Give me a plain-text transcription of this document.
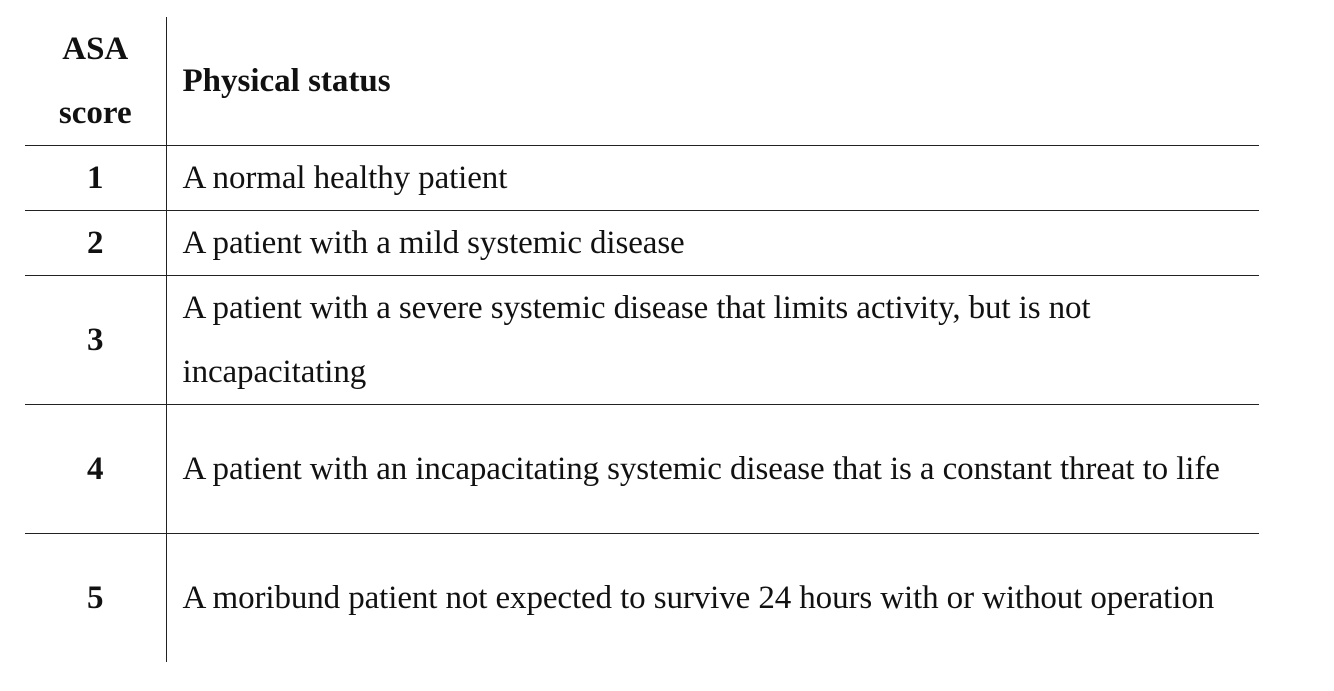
ASA
score	Physical status
1	A normal healthy patient
2	A patient with a mild systemic disease
3	A patient with a severe systemic disease that limits activity, but is not incapacitating
4	A patient with an incapacitating systemic disease that is a constant threat to life
5	A moribund patient not expected to survive 24 hours with or without operation
